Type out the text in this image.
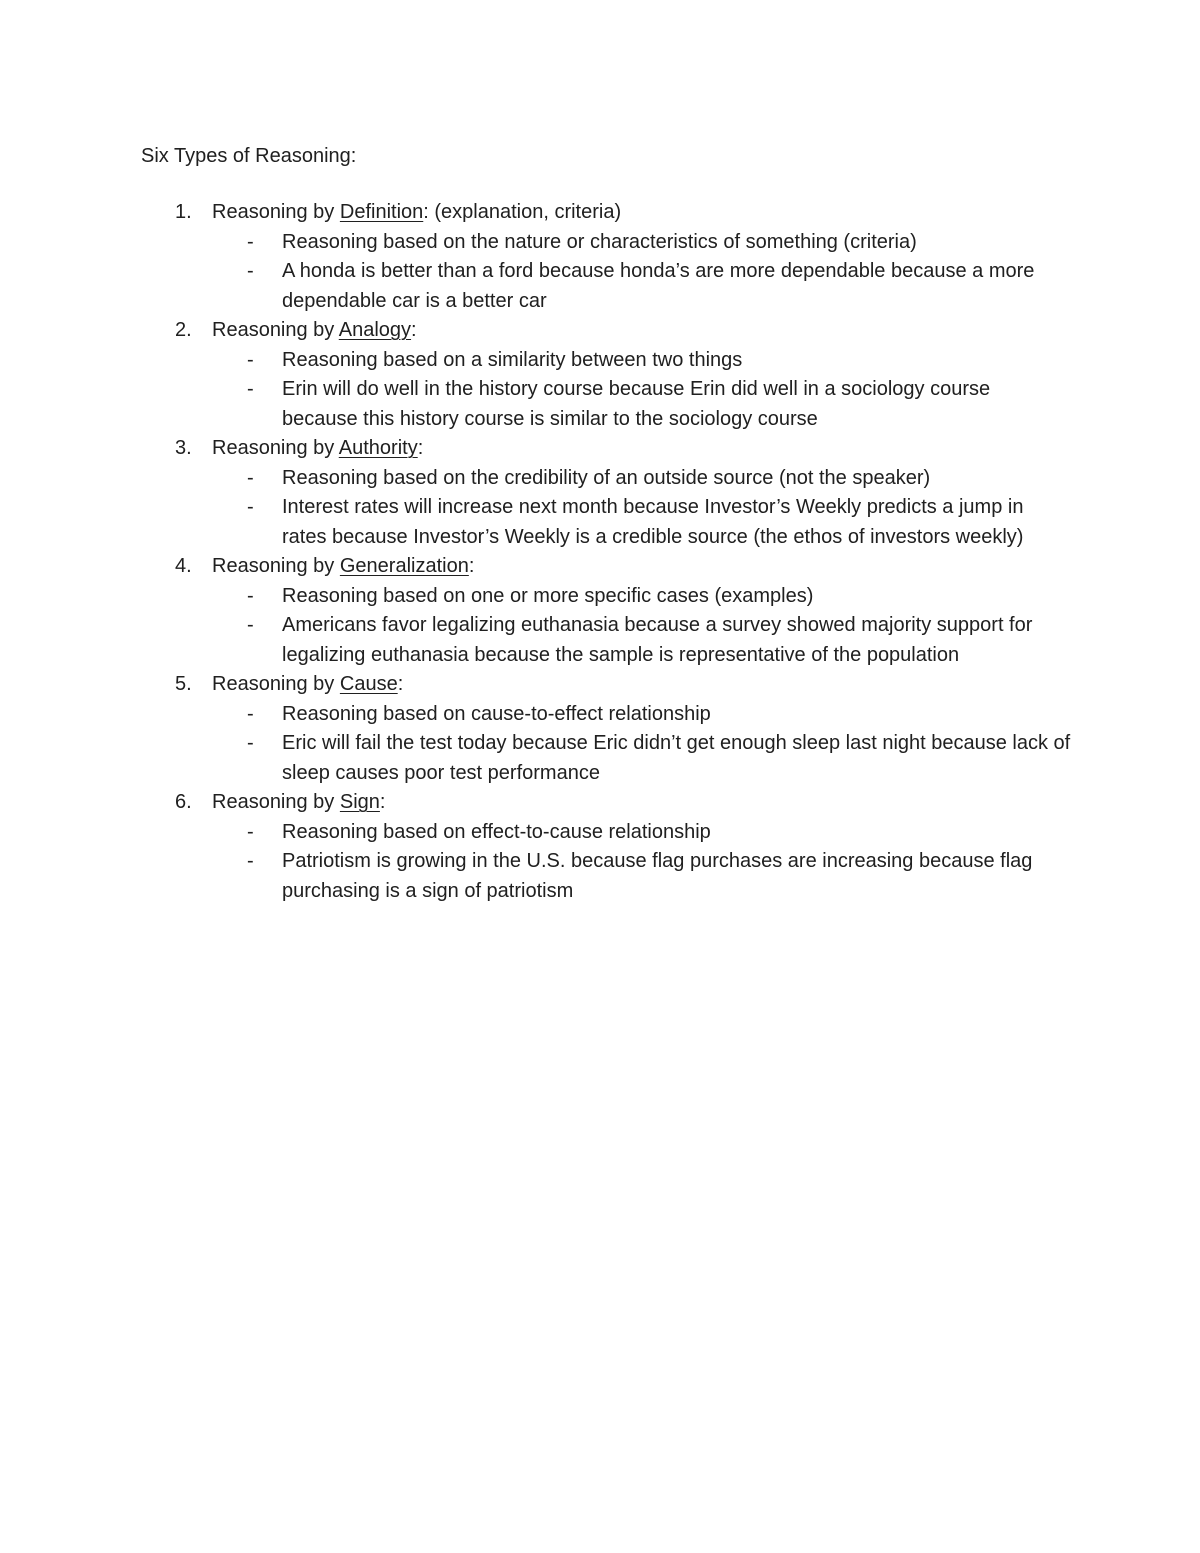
Six Types of Reasoning:
1. Reasoning by Definition: (explanation, criteria)
- Reasoning based on the nature or characteristics of something (criteria)
- A honda is better than a ford because honda’s are more dependable because a more dependable car is a better car
2. Reasoning by Analogy:
- Reasoning based on a similarity between two things
- Erin will do well in the history course because Erin did well in a sociology course because this history course is similar to the sociology course
3. Reasoning by Authority:
- Reasoning based on the credibility of an outside source (not the speaker)
- Interest rates will increase next month because Investor’s Weekly predicts a jump in rates because Investor’s Weekly is a credible source (the ethos of investors weekly)
4. Reasoning by Generalization:
- Reasoning based on one or more specific cases (examples)
- Americans favor legalizing euthanasia because a survey showed majority support for legalizing euthanasia because the sample is representative of the population
5. Reasoning by Cause:
- Reasoning based on cause-to-effect relationship
- Eric will fail the test today because Eric didn’t get enough sleep last night because lack of sleep causes poor test performance
6. Reasoning by Sign:
- Reasoning based on effect-to-cause relationship
- Patriotism is growing in the U.S. because flag purchases are increasing because flag purchasing is a sign of patriotism
